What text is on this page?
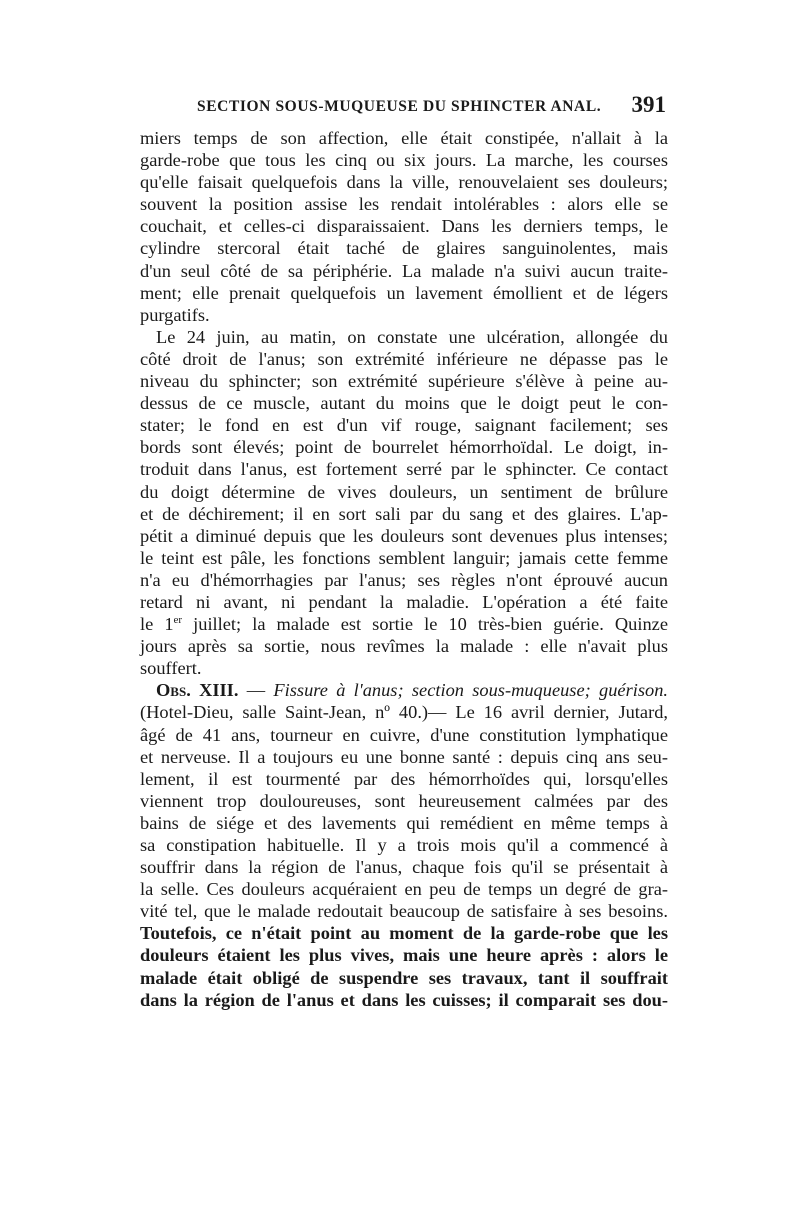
SECTION SOUS-MUQUEUSE DU SPHINCTER ANAL. 391
miers temps de son affection, elle était constipée, n'allait à la
garde-robe que tous les cinq ou six jours. La marche, les courses
qu'elle faisait quelquefois dans la ville, renouvelaient ses douleurs;
souvent la position assise les rendait intolérables : alors elle se
couchait, et celles-ci disparaissaient. Dans les derniers temps, le
cylindre stercoral était taché de glaires sanguinolentes, mais
d'un seul côté de sa périphérie. La malade n'a suivi aucun traite-
ment; elle prenait quelquefois un lavement émollient et de légers
purgatifs.
Le 24 juin, au matin, on constate une ulcération, allongée du
côté droit de l'anus; son extrémité inférieure ne dépasse pas le
niveau du sphincter; son extrémité supérieure s'élève à peine au-
dessus de ce muscle, autant du moins que le doigt peut le con-
stater; le fond en est d'un vif rouge, saignant facilement; ses
bords sont élevés; point de bourrelet hémorrhoïdal. Le doigt, in-
troduit dans l'anus, est fortement serré par le sphincter. Ce contact
du doigt détermine de vives douleurs, un sentiment de brûlure
et de déchirement; il en sort sali par du sang et des glaires. L'ap-
pétit a diminué depuis que les douleurs sont devenues plus intenses;
le teint est pâle, les fonctions semblent languir; jamais cette femme
n'a eu d'hémorrhagies par l'anus; ses règles n'ont éprouvé aucun
retard ni avant, ni pendant la maladie. L'opération a été faite
le 1er juillet; la malade est sortie le 10 très-bien guérie. Quinze
jours après sa sortie, nous revîmes la malade : elle n'avait plus
souffert.
Obs. XIII. — Fissure à l'anus; section sous-muqueuse; guérison.
(Hotel-Dieu, salle Saint-Jean, nº 40.)— Le 16 avril dernier, Jutard,
âgé de 41 ans, tourneur en cuivre, d'une constitution lymphatique
et nerveuse. Il a toujours eu une bonne santé : depuis cinq ans seu-
lement, il est tourmenté par des hémorrhoïdes qui, lorsqu'elles
viennent trop douloureuses, sont heureusement calmées par des
bains de siége et des lavements qui remédient en même temps à
sa constipation habituelle. Il y a trois mois qu'il a commencé à
souffrir dans la région de l'anus, chaque fois qu'il se présentait à
la selle. Ces douleurs acquéraient en peu de temps un degré de gra-
vité tel, que le malade redoutait beaucoup de satisfaire à ses besoins.
Toutefois, ce n'était point au moment de la garde-robe que les
douleurs étaient les plus vives, mais une heure après : alors le
malade était obligé de suspendre ses travaux, tant il souffrait
dans la région de l'anus et dans les cuisses; il comparait ses dou-
